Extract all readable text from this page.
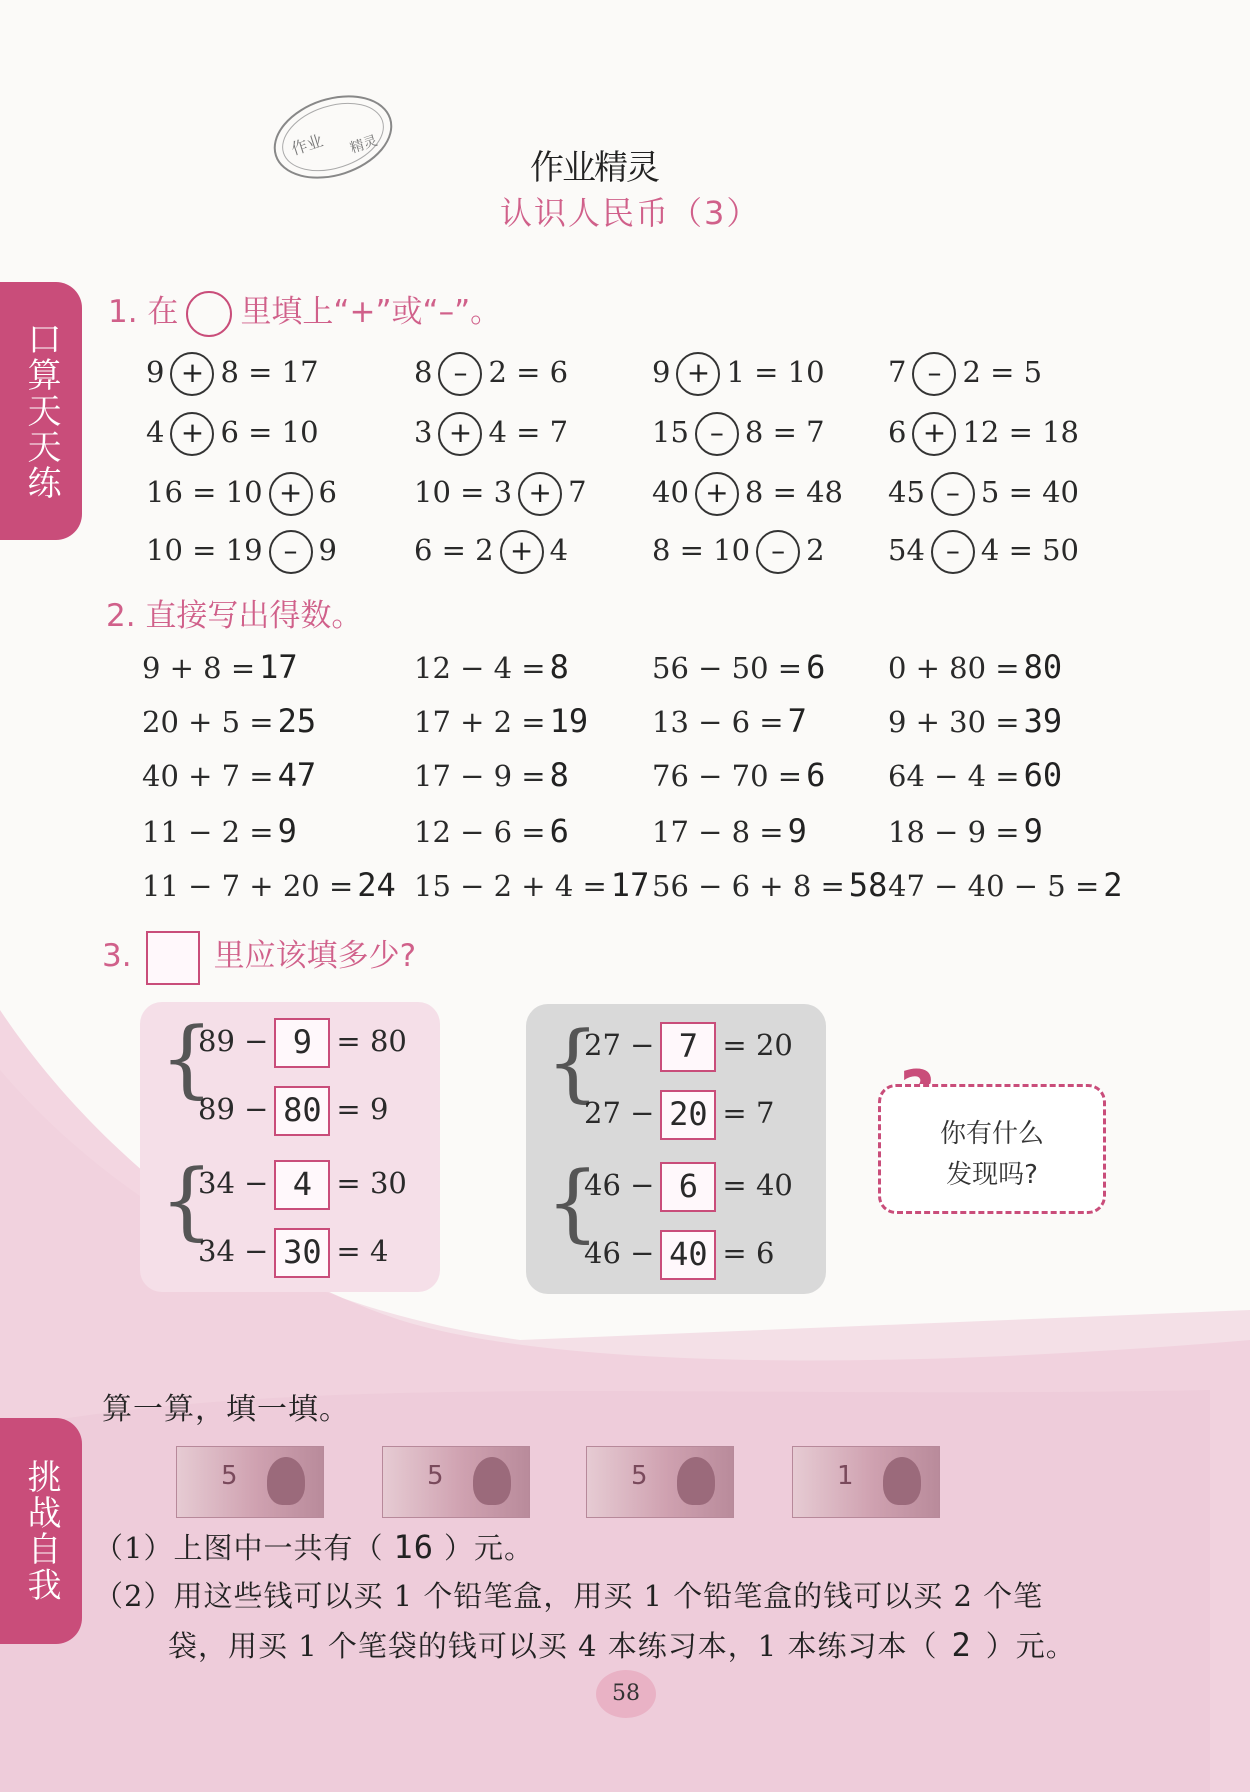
口算天天练
挑战自我
作业 精灵
作业精灵
认识人民币（3）
1. 在 里填上“+”或“–”。
9 + 8 = 17	8 – 2 = 6	9 + 1 = 10 7 – 2 = 5
4 + 6 = 10	3 + 4 = 7	15 – 8 = 7 6 + 12 = 18
16 = 10 + 6	10 = 3 + 7 40 + 8 = 48 45 – 5 = 40
10 = 19 – 9	6 = 2 + 4	8 = 10 – 2 54 – 4 = 50
2. 直接写出得数。
9 + 8 = 17	12 − 4 = 8	56 − 50 = 6 0 + 80 = 80
20 + 5 = 25	17 + 2 = 19 13 − 6 = 7	9 + 30 = 39
40 + 7 = 47	17 − 9 = 8	76 − 70 = 6 64 − 4 = 60
11 − 2 = 9	12 − 6 = 6	17 − 8 = 9	18 − 9 = 9
11 − 7 + 20 = 24 15 − 2 + 4 = 17 56 − 6 + 8 = 58 47 − 40 − 5 = 2
3.	里应该填多少?
{
89 − 9 = 80
89 − 80 = 9
{
34 − 4 = 30
34 − 30 = 4
{
27 − 7 = 20
27 − 20 = 7
{
46 − 6 = 40
46 − 40 = 6
你有什么
发现吗?
算一算，填一填。
5	5	5	1
（1）上图中一共有（ 16 ）元。
（2）用这些钱可以买 1 个铅笔盒，用买 1 个铅笔盒的钱可以买 2 个笔
袋，用买 1 个笔袋的钱可以买 4 本练习本，1 本练习本（ 2 ）元。
58
